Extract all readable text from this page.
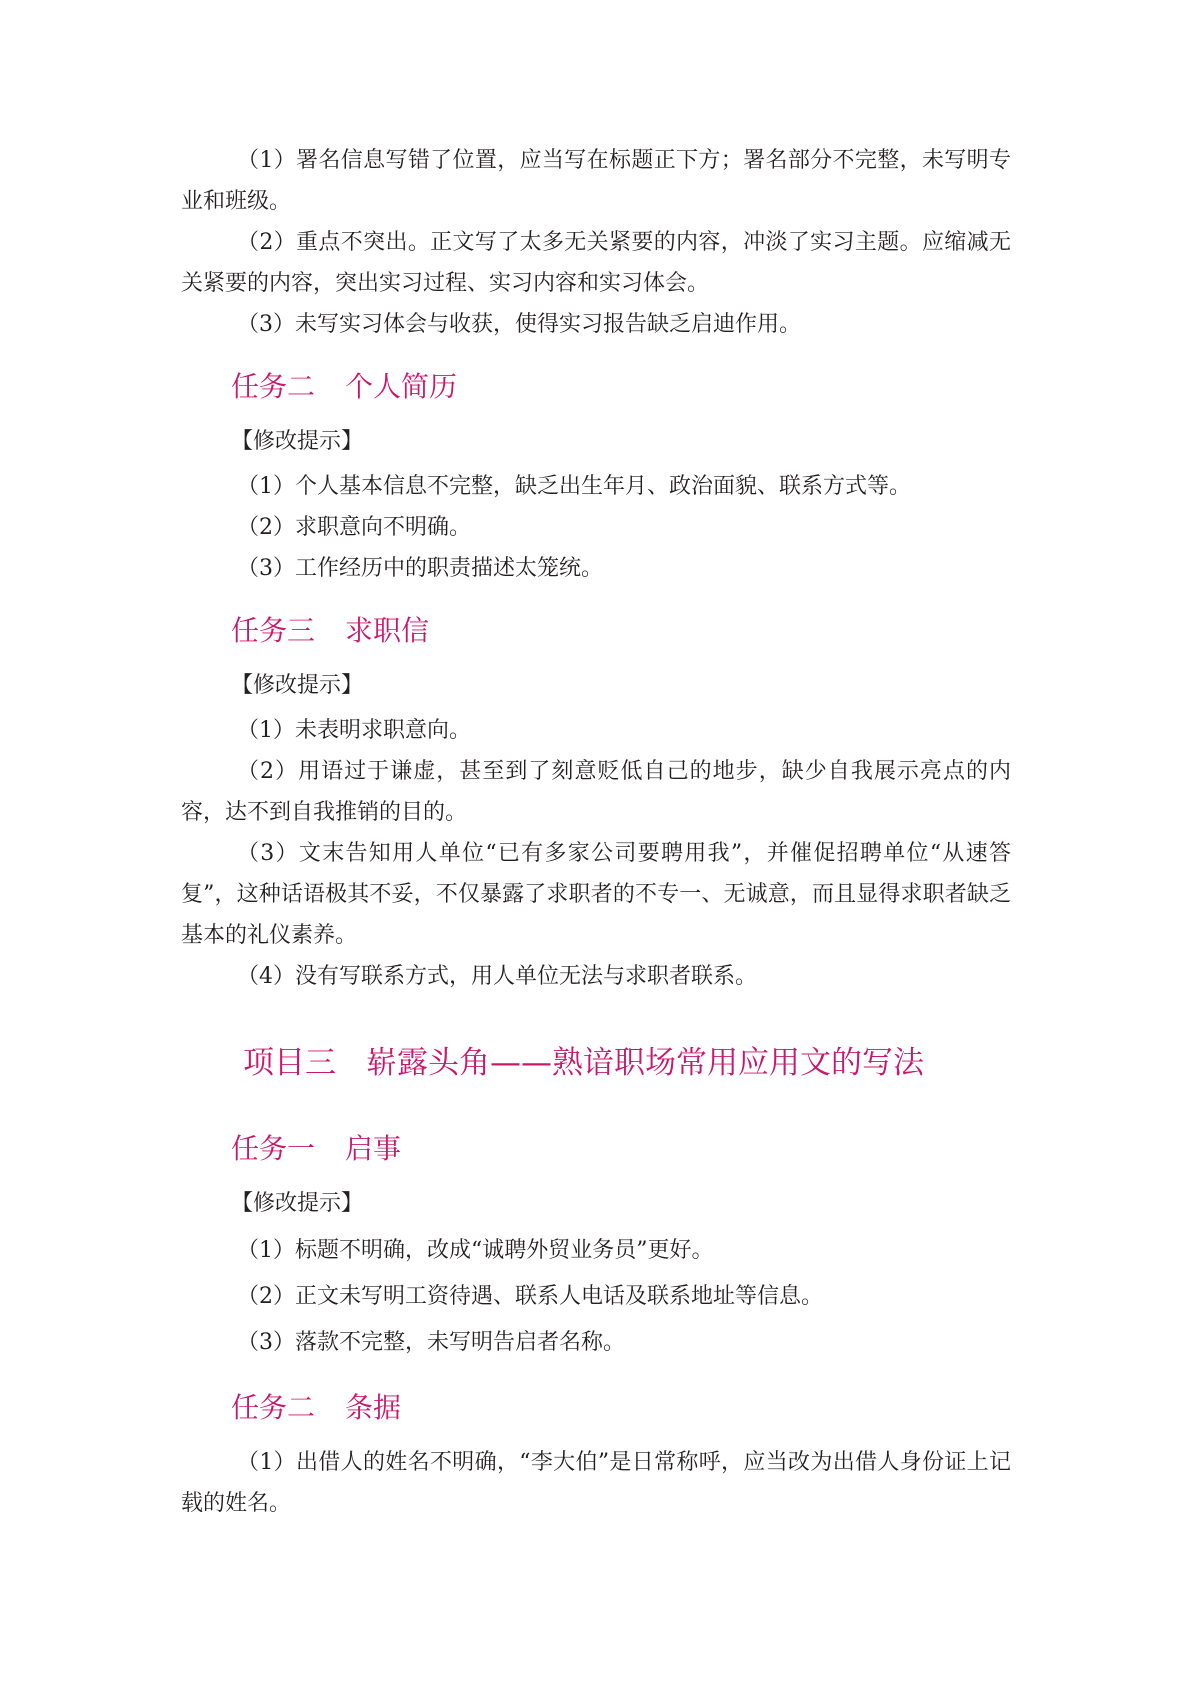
（1）署名信息写错了位置，应当写在标题正下方；署名部分不完整，未写明专业和班级。

（2）重点不突出。正文写了太多无关紧要的内容，冲淡了实习主题。应缩减无关紧要的内容，突出实习过程、实习内容和实习体会。

（3）未写实习体会与收获，使得实习报告缺乏启迪作用。

任务二 个人简历

【修改提示】

（1）个人基本信息不完整，缺乏出生年月、政治面貌、联系方式等。

（2）求职意向不明确。

（3）工作经历中的职责描述太笼统。

任务三 求职信

【修改提示】

（1）未表明求职意向。

（2）用语过于谦虚，甚至到了刻意贬低自己的地步，缺少自我展示亮点的内容，达不到自我推销的目的。

（3）文末告知用人单位“已有多家公司要聘用我”，并催促招聘单位“从速答复”，这种话语极其不妥，不仅暴露了求职者的不专一、无诚意，而且显得求职者缺乏基本的礼仪素养。

（4）没有写联系方式，用人单位无法与求职者联系。

项目三 崭露头角——熟谙职场常用应用文的写法
任务一 启事

【修改提示】

（1）标题不明确，改成“诚聘外贸业务员”更好。

（2）正文未写明工资待遇、联系人电话及联系地址等信息。

（3）落款不完整，未写明告启者名称。

任务二 条据

（1）出借人的姓名不明确，“李大伯”是日常称呼，应当改为出借人身份证上记载的姓名。
